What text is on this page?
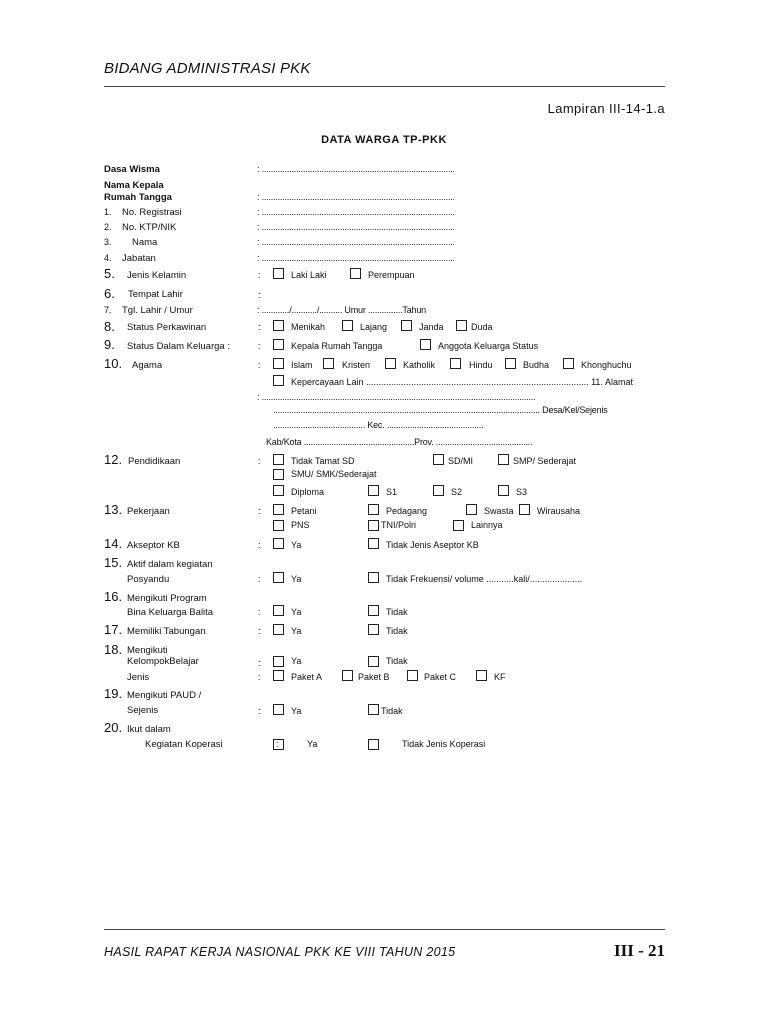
BIDANG ADMINISTRASI PKK
Lampiran III-14-1.a
DATA WARGA TP-PKK
Dasa Wisma	: ....................................................................................
Nama Kepala
Rumah Tangga	: ....................................................................................
1. No. Registrasi	: ....................................................................................
2. No. KTP/NIK	: ....................................................................................
3. Nama	: ....................................................................................
4. Jabatan	: ....................................................................................
5. Jenis Kelamin	:	Laki Laki	Perempuan
6. Tempat Lahir	:
7. Tgl. Lahir / Umur	: ............/.........../.......... Umur ...............Tahun
8. Status Perkawinan	:	Menikah	Lajang	Janda	Duda
9. Status Dalam Keluarga :	:	Kepala Rumah Tangga	Anggota Keluarga Status
10. Agama	:	Islam	Kristen	Katholik	Hindu	Budha	Khonghuchu
Kepercayaan Lain ......................................................................................... 11. Alamat
: .......................................................................................................................
.................................................................................................................... Desa/Kel/Sejenis
........................................ Kec. ..........................................
Kab/Kota ................................................Prov. ..........................................
12. Pendidikaan	:	Tidak Tamat SD	SD/MI	SMP/ Sederajat
SMU/ SMK/Sederajat
Diploma	S1	S2	S3
13. Pekerjaan	:	Petani	Pedagang	Swasta	Wirausaha
PNS	TNI/Polri	Lainnya
14. Akseptor KB	:	Ya	Tidak Jenis Aseptor KB
15. Aktif dalam kegiatan
Posyandu	:	Ya	Tidak Frekuensi/ volume ...........kali/.....................
16. Mengikuti Program
Bina Keluarga Balita	:	Ya	Tidak
17. Memiliki Tabungan	:	Ya	Tidak
18. Mengikuti
KelompokBelajar	:	Ya	Tidak
Jenis	:	Paket A	Paket B	Paket C	KF
19. Mengikuti PAUD /
Sejenis	:	Ya	Tidak
20. Ikut dalam
Kegiatan Koperasi	:	Ya	Tidak Jenis Koperasi
HASIL RAPAT KERJA NASIONAL PKK KE VIII TAHUN 2015	III - 21
